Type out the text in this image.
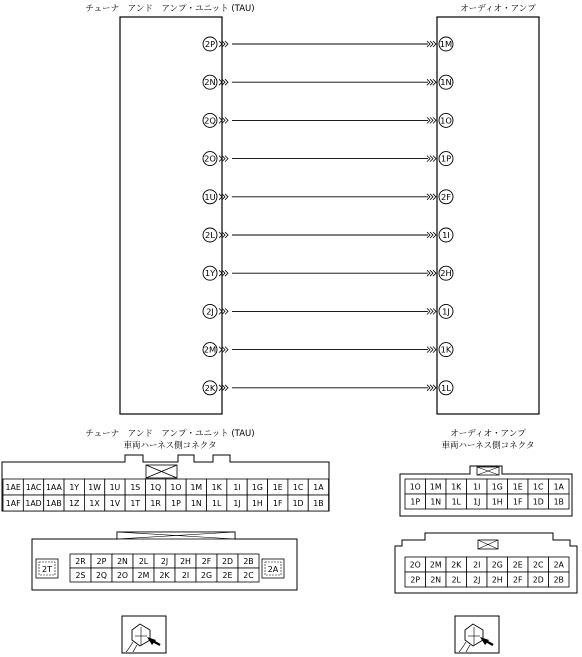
チューナ　アンド　アンプ・ユニット (TAU)	オーディオ・アンプ
2P	1M
2N	1N
2Q	1O
2O	1P
1U	2F
2L	1I
1Y	2H
2J	1J
2M	1K
2K	1L
チューナ　アンド　アンプ・ユニット (TAU)
車両ハーネス側コネクタ
オーディオ・アンプ
車両ハーネス側コネクタ
1AE 1AC 1AA 1Y 1W 1U 1S 1Q 1O 1M 1K 1I 1G 1E 1C 1A
1AF 1AD 1AB 1Z 1X 1V 1T 1R 1P 1N 1L 1J 1H 1F 1D 1B
2T	2A
2R 2P 2N 2L 2J 2H 2F 2D 2B
2S 2Q 2O 2M 2K 2I 2G 2E 2C
1O 1M 1K 1I 1G 1E 1C 1A
1P 1N 1L 1J 1H 1F 1D 1B
2O 2M 2K 2I 2G 2E 2C 2A
2P 2N 2L 2J 2H 2F 2D 2B
